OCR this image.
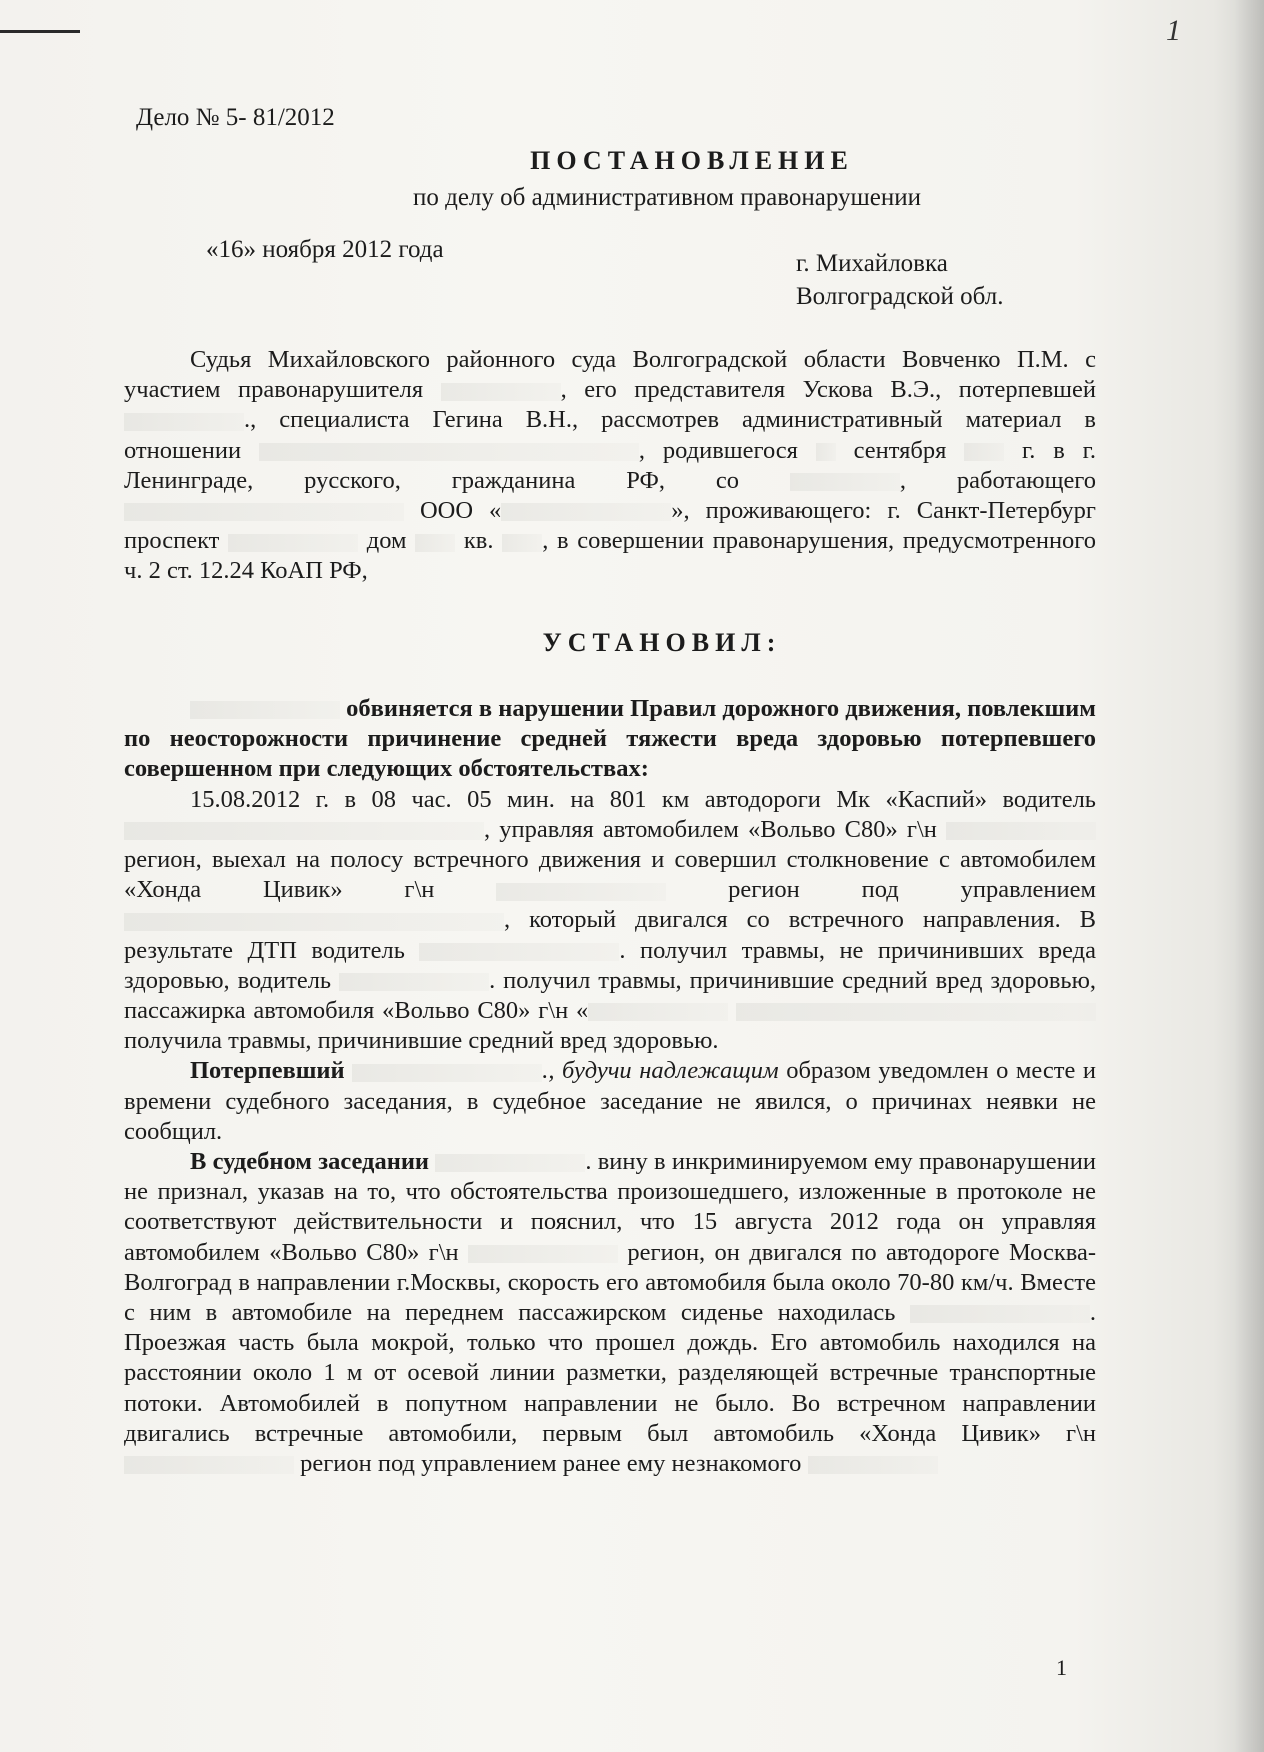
1
Дело № 5- 81/2012
ПОСТАНОВЛЕНИЕ
по делу об административном правонарушении
«16» ноября 2012 года
г. Михайловка
Волгоградской обл.

Судья Михайловского районного суда Волгоградской области Вовченко П.М. с участием правонарушителя	, его представителя Ускова В.Э., потерпевшей ., специалиста Гегина В.Н., рассмотрев административный материал в отношении	, родившегося сентября	г. в г. Ленинграде, русского, гражданина РФ, со	, работающего  ООО «	», проживающего: г. Санкт-Петербург проспект	дом кв. , в совершении правонарушения, предусмотренного ч. 2 ст. 12.24 КоАП РФ,

УСТАНОВИЛ:

обвиняется в нарушении Правил дорожного движения, повлекшим по неосторожности причинение средней тяжести вреда здоровью потерпевшего совершенном при следующих обстоятельствах:

15.08.2012 г. в 08 час. 05 мин. на 801 км автодороги Мк «Каспий» водитель , управляя автомобилем «Вольво С80» г\н  регион, выехал на полосу встречного движения и совершил столкновение с автомобилем «Хонда Цивик» г\н	регион под управлением , который двигался со встречного направления. В результате ДТП водитель	. получил травмы, не причинивших вреда здоровью, водитель	. получил травмы, причинившие средний вред здоровью, пассажирка автомобиля «Вольво С80» г\н «  получила травмы, причинившие средний вред здоровью.

Потерпевший	., будучи надлежащим образом уведомлен о месте и времени судебного заседания, в судебное заседание не явился, о причинах неявки не сообщил.

В судебном заседании	. вину в инкриминируемом ему правонарушении не признал, указав на то, что обстоятельства произошедшего, изложенные в протоколе не соответствуют действительности и пояснил, что 15 августа 2012 года он управляя автомобилем «Вольво С80» г\н	регион, он двигался по автодороге Москва-Волгоград в направлении г.Москвы, скорость его автомобиля была около 70-80 км/ч. Вместе с ним в автомобиле на переднем пассажирском сиденье находилась	. Проезжая часть была мокрой, только что прошел дождь. Его автомобиль находился на расстоянии около 1 м от осевой линии разметки, разделяющей встречные транспортные потоки. Автомобилей в попутном направлении не было. Во встречном направлении двигались встречные автомобили, первым был автомобиль «Хонда Цивик» г\н  регион под управлением ранее ему незнакомого

1
